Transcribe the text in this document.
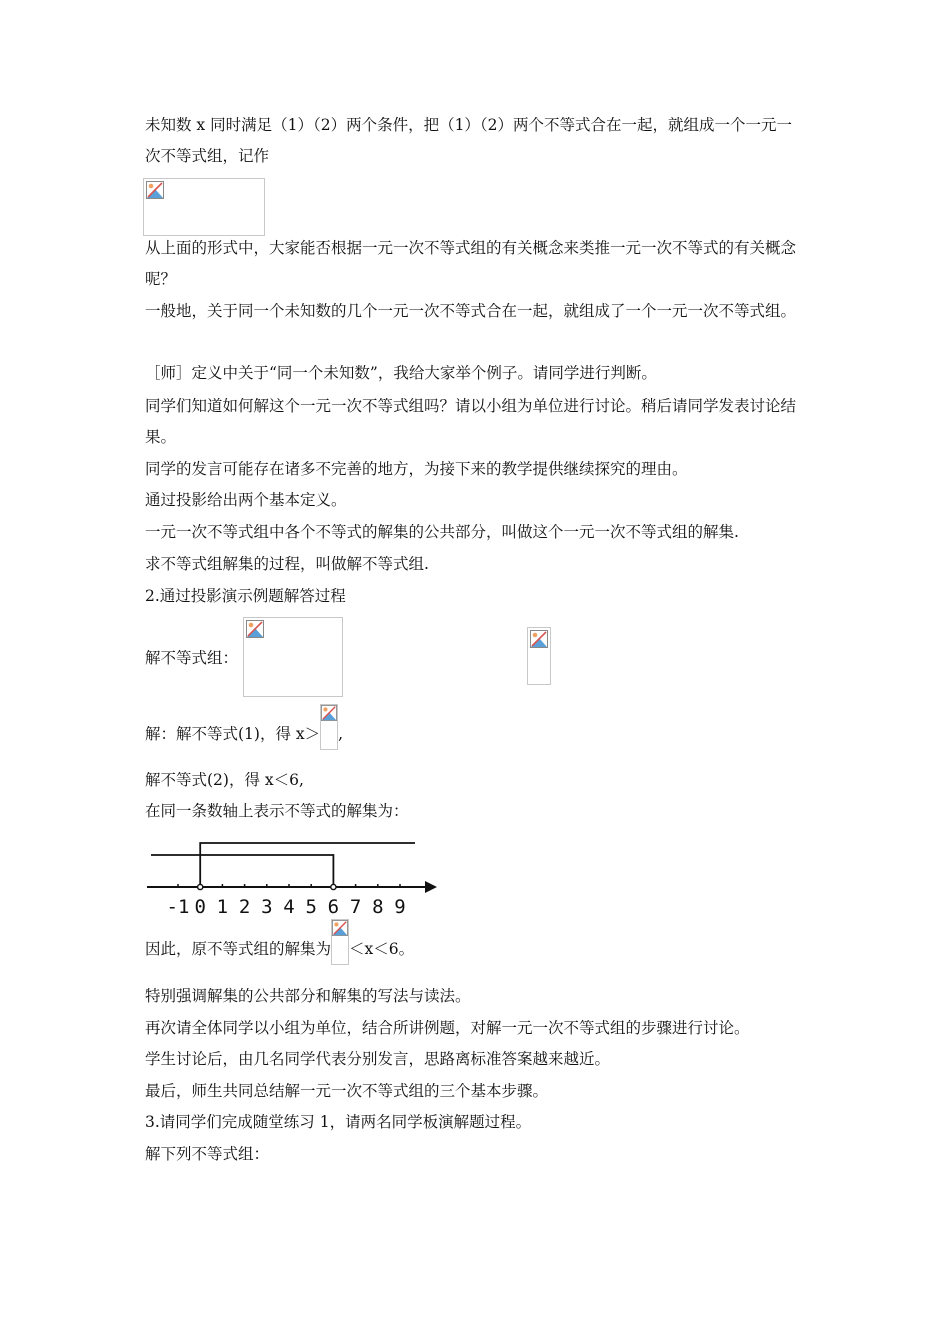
未知数 x 同时满足（1）（2）两个条件，把（1）（2）两个不等式合在一起，就组成一个一元一次不等式组，记作
从上面的形式中，大家能否根据一元一次不等式组的有关概念来类推一元一次不等式的有关概念呢？
一般地，关于同一个未知数的几个一元一次不等式合在一起，就组成了一个一元一次不等式组。
［师］定义中关于“同一个未知数”，我给大家举个例子。请同学进行判断。
同学们知道如何解这个一元一次不等式组吗？请以小组为单位进行讨论。稍后请同学发表讨论结果。
同学的发言可能存在诸多不完善的地方，为接下来的教学提供继续探究的理由。
通过投影给出两个基本定义。
一元一次不等式组中各个不等式的解集的公共部分，叫做这个一元一次不等式组的解集.
求不等式组解集的过程，叫做解不等式组.
2.通过投影演示例题解答过程
解不等式组：
解：解不等式(1)，得 x＞ ,
解不等式(2)，得 x＜6,
在同一条数轴上表示不等式的解集为：
-1 0 1 2 3 4 5 6 7 8 9
因此，原不等式组的解集为 ＜x＜6。
特别强调解集的公共部分和解集的写法与读法。
再次请全体同学以小组为单位，结合所讲例题，对解一元一次不等式组的步骤进行讨论。
学生讨论后，由几名同学代表分别发言，思路离标准答案越来越近。
最后，师生共同总结解一元一次不等式组的三个基本步骤。
3.请同学们完成随堂练习 1，请两名同学板演解题过程。
解下列不等式组：
